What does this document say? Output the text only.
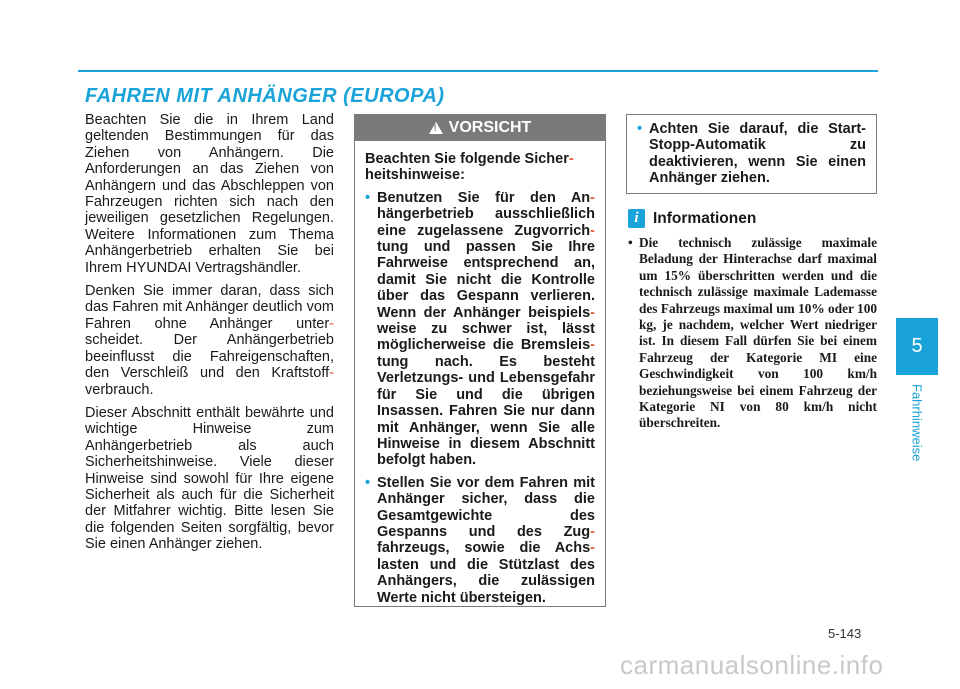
FAHREN MIT ANHÄNGER (EUROPA)

Beachten Sie die in Ihrem Land geltenden Bestimmungen für das Ziehen von Anhängern. Die Anforderungen an das Ziehen von Anhängern und das Abschleppen von Fahrzeugen richten sich nach den jeweiligen gesetzlichen Regelungen. Weitere Informationen zum Thema Anhängerbetrieb erhalten Sie bei Ihrem HYUNDAI Vertragshändler.

Denken Sie immer daran, dass sich das Fahren mit Anhänger deutlich vom Fahren ohne Anhänger unter- scheidet. Der Anhängerbetrieb beeinflusst die Fahreigenschaften, den Verschleiß und den Kraftstoff- verbrauch.

Dieser Abschnitt enthält bewährte und wichtige Hinweise zum Anhängerbetrieb als auch Sicherheitshinweise. Viele dieser Hinweise sind sowohl für Ihre eigene Sicherheit als auch für die Sicherheit der Mitfahrer wichtig. Bitte lesen Sie die folgenden Seiten sorgfältig, bevor Sie einen Anhänger ziehen.

!
VORSICHT

Beachten Sie folgende Sicher- heitshinweise:

• Benutzen Sie für den An- hängerbetrieb ausschließlich eine zugelassene Zugvorrich- tung und passen Sie Ihre Fahrweise entsprechend an, damit Sie nicht die Kontrolle über das Gespann verlieren. Wenn der Anhänger beispiels- weise zu schwer ist, lässt möglicherweise die Bremsleis- tung nach. Es besteht Verletzungs- und Lebensgefahr für Sie und die übrigen Insassen. Fahren Sie nur dann mit Anhänger, wenn Sie alle Hinweise in diesem Abschnitt befolgt haben.
• Stellen Sie vor dem Fahren mit Anhänger sicher, dass die Gesamtgewichte des Gespanns und des Zug- fahrzeugs, sowie die Achs- lasten und die Stützlast des Anhängers, die zulässigen Werte nicht übersteigen.
• Achten Sie darauf, die Start-Stopp-Automatik zu deaktivieren, wenn Sie einen Anhänger ziehen.
i Informationen
• Die technisch zulässige maximale Beladung der Hinterachse darf maximal um 15% überschritten werden und die technisch zulässige maximale Lademasse des Fahrzeugs maximal um 10% oder 100 kg, je nachdem, welcher Wert niedriger ist. In diesem Fall dürfen Sie bei einem Fahrzeug der Kategorie MI eine Geschwindigkeit von 100 km/h beziehungsweise bei einem Fahrzeug der Kategorie NI von 80 km/h nicht überschreiten.
5
Fahrhinweise
5-143
carmanualsonline.info
